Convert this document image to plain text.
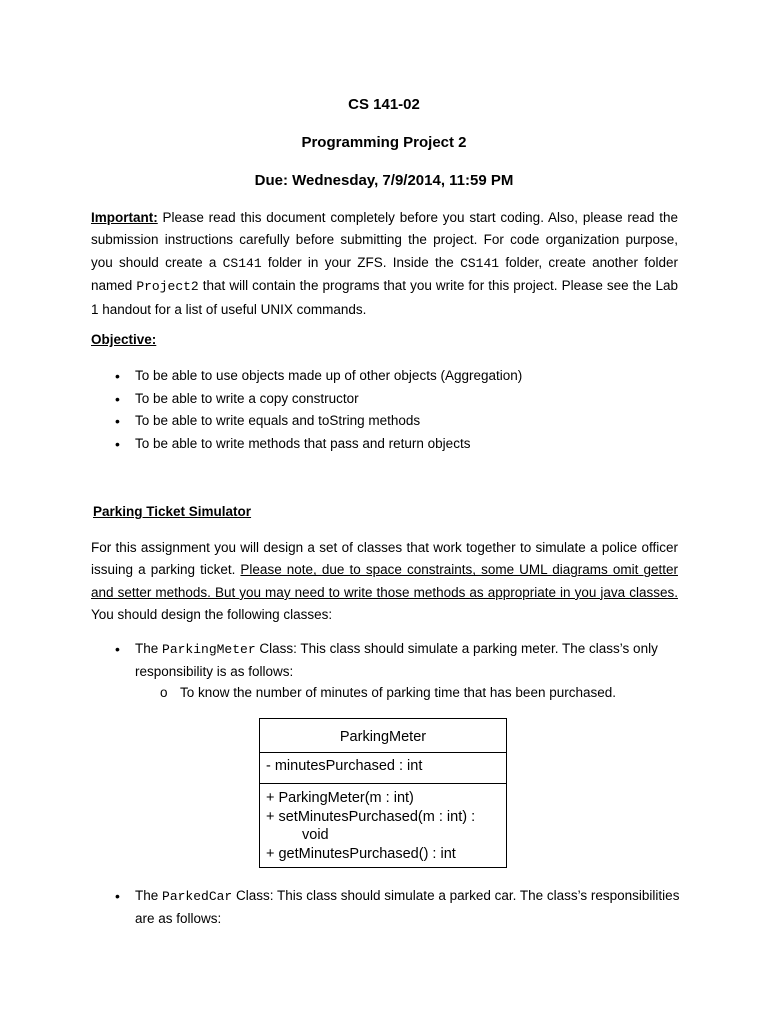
CS 141-02
Programming Project 2
Due: Wednesday, 7/9/2014, 11:59 PM

Important: Please read this document completely before you start coding. Also, please read the submission instructions carefully before submitting the project. For code organization purpose, you should create a CS141 folder in your ZFS. Inside the CS141 folder, create another folder named Project2 that will contain the programs that you write for this project. Please see the Lab 1 handout for a list of useful UNIX commands.

Objective:
• To be able to use objects made up of other objects (Aggregation)
• To be able to write a copy constructor
• To be able to write equals and toString methods
• To be able to write methods that pass and return objects
Parking Ticket Simulator

For this assignment you will design a set of classes that work together to simulate a police officer issuing a parking ticket. Please note, due to space constraints, some UML diagrams omit getter and setter methods. But you may need to write those methods as appropriate in you java classes. You should design the following classes:

•	The ParkingMeter Class: This class should simulate a parking meter. The class’s only responsibility is as follows:
o To know the number of minutes of parking time that has been purchased.
ParkingMeter
- minutesPurchased : int
+ ParkingMeter(m : int)
+ setMinutesPurchased(m : int) :
void
+ getMinutesPurchased() : int
•	The ParkedCar Class: This class should simulate a parked car. The class’s responsibilities are as follows:
